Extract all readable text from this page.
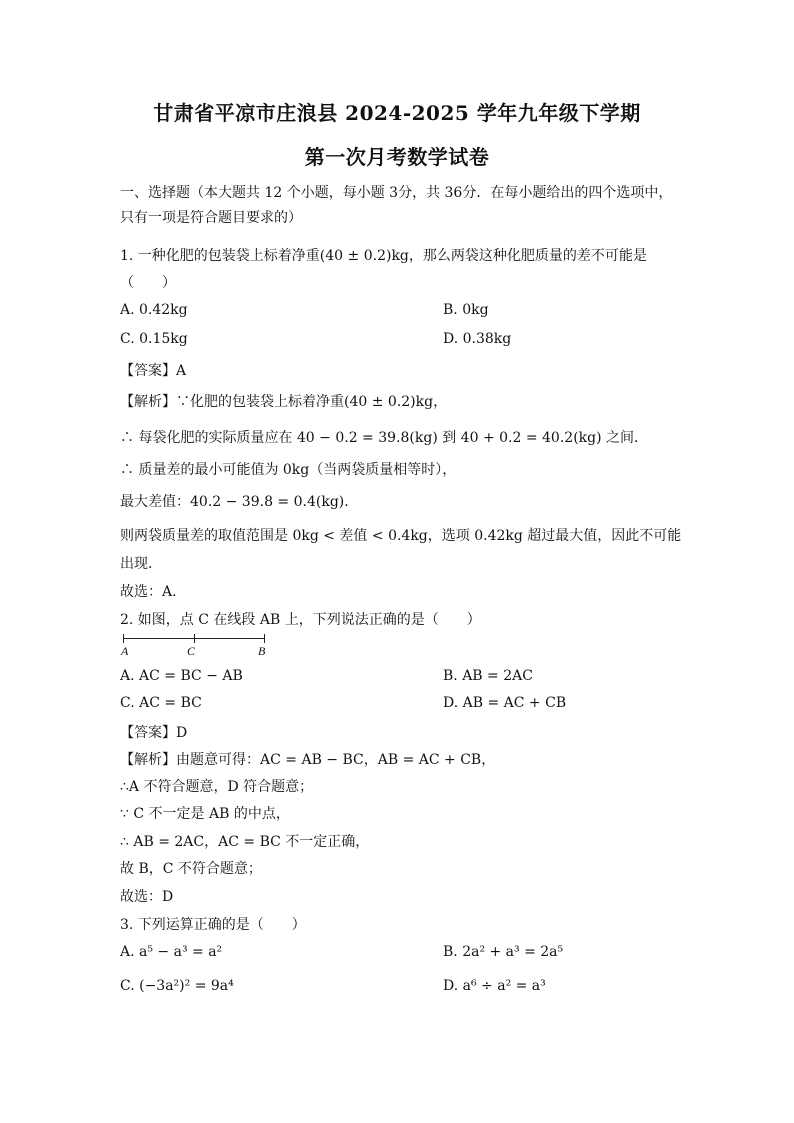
甘肃省平凉市庄浪县 2024-2025 学年九年级下学期
第一次月考数学试卷
一、选择题（本大题共 12 个小题，每小题 3分，共 36分．在每小题给出的四个选项中，
只有一项是符合题目要求的）
1. 一种化肥的包装袋上标着净重(40 ± 0.2)kg，那么两袋这种化肥质量的差不可能是
（　　）
A. 0.42kg	B. 0kg
C. 0.15kg	D. 0.38kg
【答案】A
【解析】∵化肥的包装袋上标着净重(40 ± 0.2)kg，
∴ 每袋化肥的实际质量应在 40 − 0.2 = 39.8(kg) 到 40 + 0.2 = 40.2(kg) 之间．
∴ 质量差的最小可能值为 0kg（当两袋质量相等时），
最大差值：40.2 − 39.8 = 0.4(kg)．
则两袋质量差的取值范围是 0kg < 差值 < 0.4kg，选项 0.42kg 超过最大值，因此不可能
出现．
故选：A.
2. 如图，点 C 在线段 AB 上，下列说法正确的是（　　）
A	C	B
A. AC = BC − AB	B. AB = 2AC
C. AC = BC	D. AB = AC + CB
【答案】D
【解析】由题意可得：AC = AB − BC，AB = AC + CB，
∴A 不符合题意，D 符合题意；
∵ C 不一定是 AB 的中点，
∴ AB = 2AC，AC = BC 不一定正确，
故 B，C 不符合题意；
故选：D
3. 下列运算正确的是（　　）
A. a⁵ − a³ = a²	B. 2a² + a³ = 2a⁵
C. (−3a²)² = 9a⁴	D. a⁶ ÷ a² = a³
